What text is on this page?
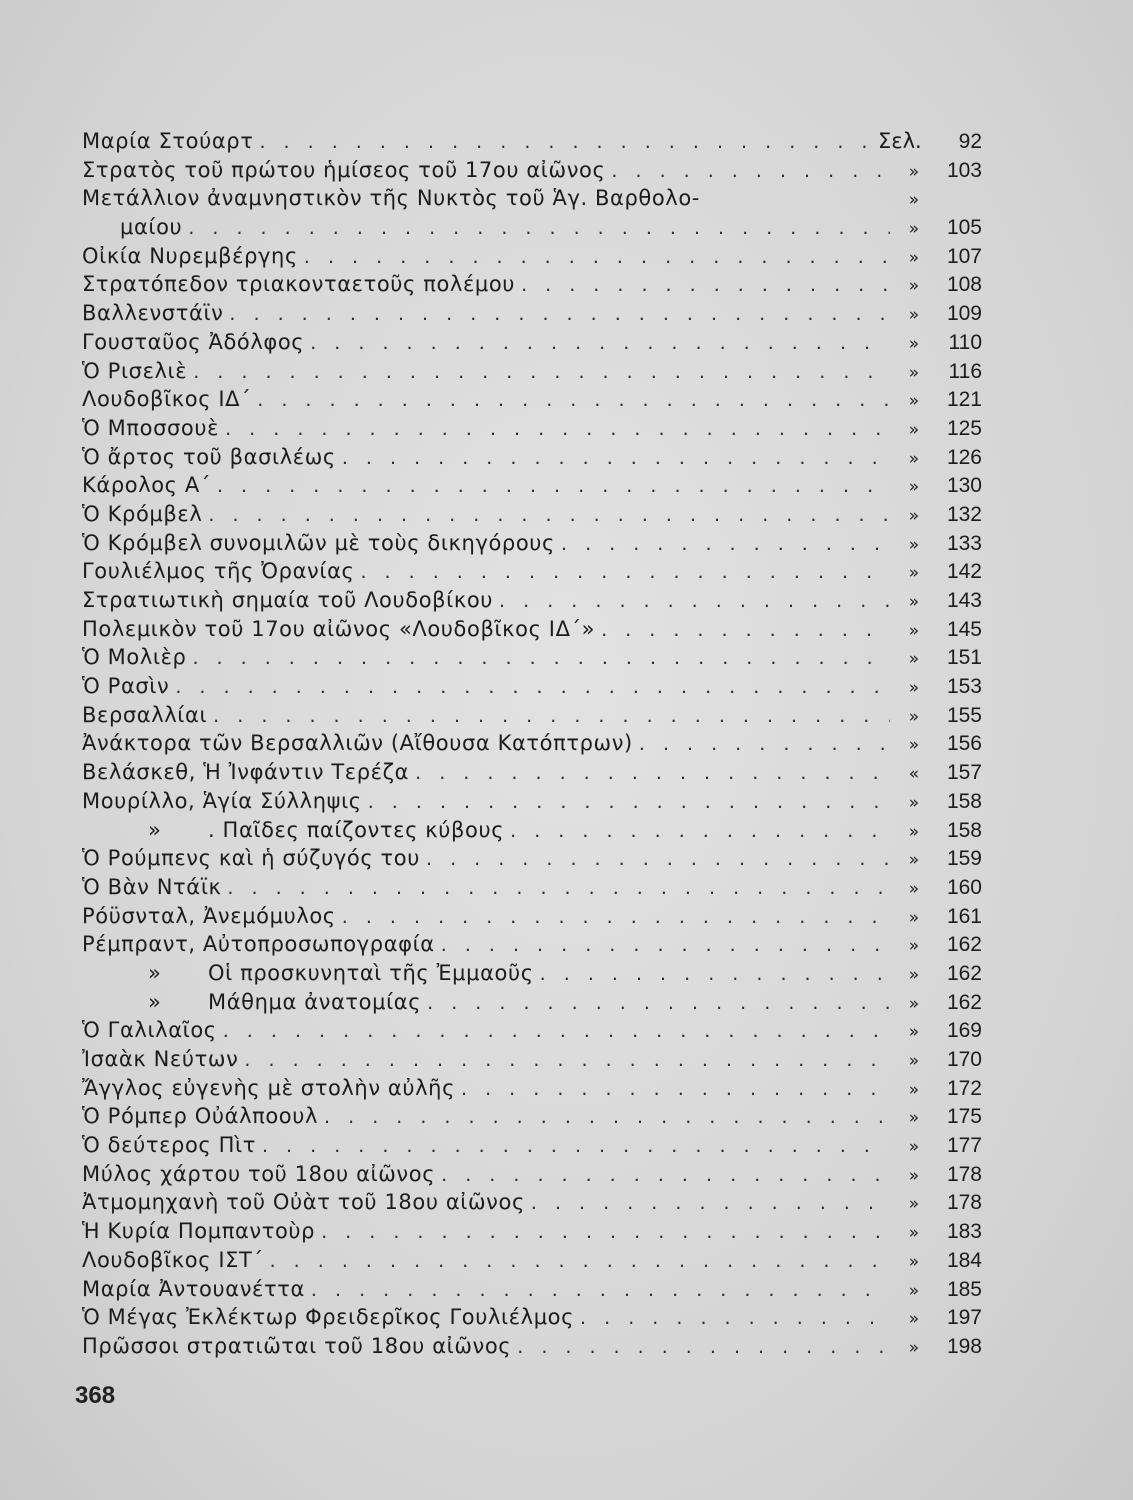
Μαρία Στούαρτ . . .	Σελ.	92
Στρατὸς τοῦ πρώτου ἡμίσεος τοῦ 17ου αἰῶνος . . .	»	103
Μετάλλιον ἀναμνηστικὸν τῆς Νυκτὸς τοῦ Ἁγ. Βαρθολο-	»
μαίου . . .	»	105
Οἰκία Νυρεμβέργης . . .	»	107
Στρατόπεδον τριακονταετοῦς πολέμου . . .	»	108
Βαλλενστάϊν . . .	»	109
Γουσταῦος Ἀδόλφος . . .	»	110
Ὁ Ρισελιὲ . . .	»	116
Λουδοβῖκος ΙΔ΄ . . .	»	121
Ὁ Μποσσουὲ . . .	»	125
Ὁ ἄρτος τοῦ βασιλέως . . .	»	126
Κάρολος Α΄ . . .	»	130
Ὁ Κρόμβελ . . .	»	132
Ὁ Κρόμβελ συνομιλῶν μὲ τοὺς δικηγόρους . . .	»	133
Γουλιέλμος τῆς Ὀρανίας . . .	»	142
Στρατιωτικὴ σημαία τοῦ Λουδοβίκου . . .	»	143
Πολεμικὸν τοῦ 17ου αἰῶνος «Λουδοβῖκος ΙΔ΄» . . .	»	145
Ὁ Μολιὲρ . . .	»	151
Ὁ Ρασὶν . . .	»	153
Βερσαλλίαι . . .	»	155
Ἀνάκτορα τῶν Βερσαλλιῶν (Αἴθουσα Κατόπτρων) . . .	»	156
Βελάσκεθ, Ἡ Ἰνφάντιν Τερέζα . . .	«	157
Μουρίλλο, Ἁγία Σύλληψις . . .	»	158
» . Παῖδες παίζοντες κύβους . . .	»	158
Ὁ Ρούμπενς καὶ ἡ σύζυγός του . . .	»	159
Ὁ Βὰν Ντάϊκ . . .	»	160
Ρόϋσνταλ, Ἀνεμόμυλος . . .	»	161
Ρέμπραντ, Αὐτοπροσωπογραφία . . .	»	162
» Οἱ προσκυνηταὶ τῆς Ἐμμαοῦς . . .	»	162
» Μάθημα ἀνατομίας . . .	»	162
Ὁ Γαλιλαῖος . . .	»	169
Ἰσαὰκ Νεύτων . . .	»	170
Ἄγγλος εὐγενὴς μὲ στολὴν αὐλῆς . . .	»	172
Ὁ Ρόμπερ Οὐάλποουλ . . .	»	175
Ὁ δεύτερος Πὶτ . . .	»	177
Μύλος χάρτου τοῦ 18ου αἰῶνος . . .	»	178
Ἀτμομηχανὴ τοῦ Οὐὰτ τοῦ 18ου αἰῶνος . . .	»	178
Ἡ Κυρία Πομπαντοὺρ . . .	»	183
Λουδοβῖκος ΙΣΤ΄ . . .	»	184
Μαρία Ἀντουανέττα . . .	»	185
Ὁ Μέγας Ἐκλέκτωρ Φρειδερῖκος Γουλιέλμος . . .	»	197
Πρῶσσοι στρατιῶται τοῦ 18ου αἰῶνος . . .	»	198
368
